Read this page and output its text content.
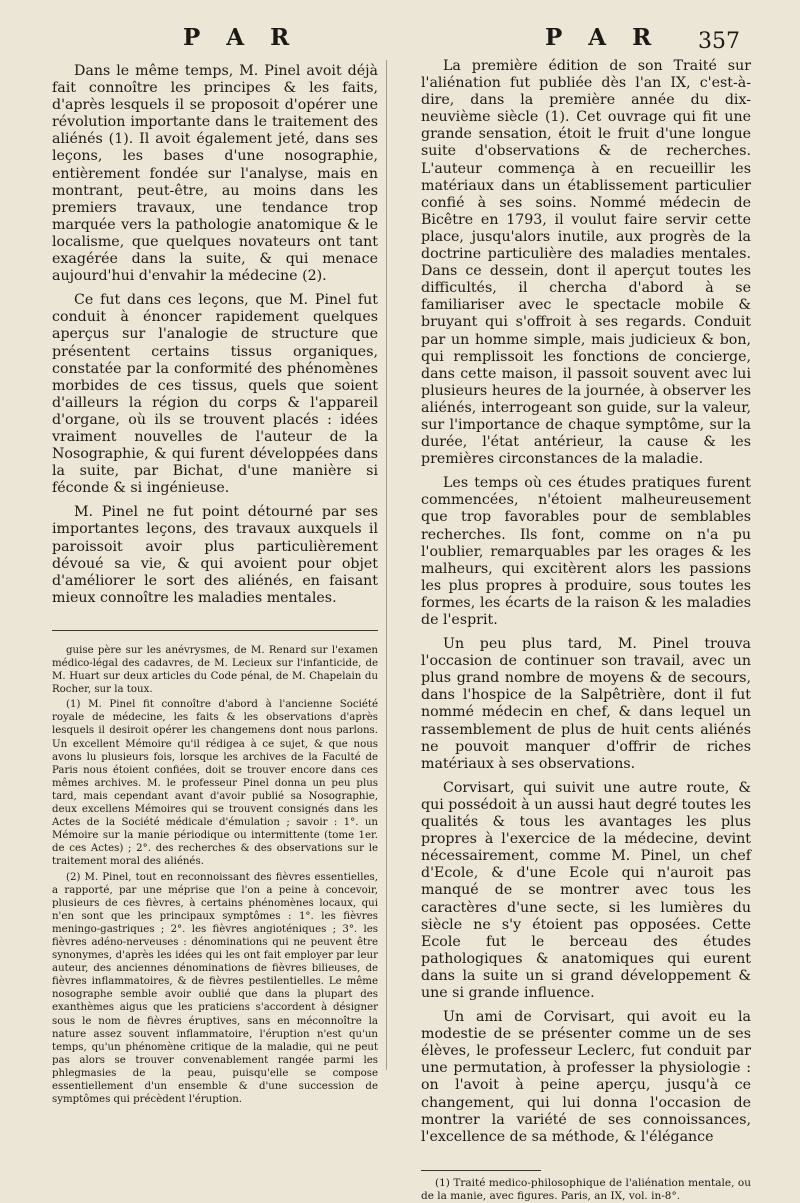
P A R	P A R 357

Dans le même temps, M. Pinel avoit déjà fait connoître les principes & les faits, d'après lesquels il se proposoit d'opérer une révolution importante dans le traitement des aliénés (1). Il avoit également jeté, dans ses leçons, les bases d'une nosographie, entièrement fondée sur l'analyse, mais en montrant, peut-être, au moins dans les premiers travaux, une tendance trop marquée vers la pathologie anatomique & le localisme, que quelques novateurs ont tant exagérée dans la suite, & qui menace aujourd'hui d'envahir la médecine (2).

Ce fut dans ces leçons, que M. Pinel fut conduit à énoncer rapidement quelques aperçus sur l'analogie de structure que présentent certains tissus organiques, constatée par la conformité des phénomènes morbides de ces tissus, quels que soient d'ailleurs la région du corps & l'appareil d'organe, où ils se trouvent placés : idées vraiment nouvelles de l'auteur de la Nosographie, & qui furent développées dans la suite, par Bichat, d'une manière si féconde & si ingénieuse.

M. Pinel ne fut point détourné par ses importantes leçons, des travaux auxquels il paroissoit avoir plus particulièrement dévoué sa vie, & qui avoient pour objet d'améliorer le sort des aliénés, en faisant mieux connoître les maladies mentales.

guise père sur les anévrysmes, de M. Renard sur l'examen médico-légal des cadavres, de M. Lecieux sur l'infanticide, de M. Huart sur deux articles du Code pénal, de M. Chapelain du Rocher, sur la toux.

(1) M. Pinel fit connoître d'abord à l'ancienne Société royale de médecine, les faits & les observations d'après lesquels il desiroit opérer les changemens dont nous parlons. Un excellent Mémoire qu'il rédigea à ce sujet, & que nous avons lu plusieurs fois, lorsque les archives de la Faculté de Paris nous étoient confiées, doit se trouver encore dans ces mêmes archives. M. le professeur Pinel donna un peu plus tard, mais cependant avant d'avoir publié sa Nosographie, deux excellens Mémoires qui se trouvent consignés dans les Actes de la Société médicale d'émulation ; savoir : 1°. un Mémoire sur la manie périodique ou intermittente (tome 1er. de ces Actes) ; 2°. des recherches & des observations sur le traitement moral des aliénés.

(2) M. Pinel, tout en reconnoissant des fièvres essentielles, a rapporté, par une méprise que l'on a peine à concevoir, plusieurs de ces fièvres, à certains phénomènes locaux, qui n'en sont que les principaux symptômes : 1°. les fièvres meningo-gastriques ; 2°. les fièvres angioténiques ; 3°. les fièvres adéno-nerveuses : dénominations qui ne peuvent être synonymes, d'après les idées qui les ont fait employer par leur auteur, des anciennes dénominations de fièvres bilieuses, de fièvres inflammatoires, & de fièvres pestilentielles. Le même nosographe semble avoir oublié que dans la plupart des exanthèmes aigus que les praticiens s'accordent à désigner sous le nom de fièvres éruptives, sans en méconnoître la nature assez souvent inflammatoire, l'éruption n'est qu'un temps, qu'un phénomène critique de la maladie, qui ne peut pas alors se trouver convenablement rangée parmi les phlegmasies de la peau, puisqu'elle se compose essentiellement d'un ensemble & d'une succession de symptômes qui précèdent l'éruption.

La première édition de son Traité sur l'aliénation fut publiée dès l'an IX, c'est-à-dire, dans la première année du dix-neuvième siècle (1). Cet ouvrage qui fit une grande sensation, étoit le fruit d'une longue suite d'observations & de recherches. L'auteur commença à en recueillir les matériaux dans un établissement particulier confié à ses soins. Nommé médecin de Bicêtre en 1793, il voulut faire servir cette place, jusqu'alors inutile, aux progrès de la doctrine particulière des maladies mentales. Dans ce dessein, dont il aperçut toutes les difficultés, il chercha d'abord à se familiariser avec le spectacle mobile & bruyant qui s'offroit à ses regards. Conduit par un homme simple, mais judicieux & bon, qui remplissoit les fonctions de concierge, dans cette maison, il passoit souvent avec lui plusieurs heures de la journée, à observer les aliénés, interrogeant son guide, sur la valeur, sur l'importance de chaque symptôme, sur la durée, l'état antérieur, la cause & les premières circonstances de la maladie.

Les temps où ces études pratiques furent commencées, n'étoient malheureusement que trop favorables pour de semblables recherches. Ils font, comme on n'a pu l'oublier, remarquables par les orages & les malheurs, qui excitèrent alors les passions les plus propres à produire, sous toutes les formes, les écarts de la raison & les maladies de l'esprit.

Un peu plus tard, M. Pinel trouva l'occasion de continuer son travail, avec un plus grand nombre de moyens & de secours, dans l'hospice de la Salpêtrière, dont il fut nommé médecin en chef, & dans lequel un rassemblement de plus de huit cents aliénés ne pouvoit manquer d'offrir de riches matériaux à ses observations.

Corvisart, qui suivit une autre route, & qui possédoit à un aussi haut degré toutes les qualités & tous les avantages les plus propres à l'exercice de la médecine, devint nécessairement, comme M. Pinel, un chef d'Ecole, & d'une Ecole qui n'auroit pas manqué de se montrer avec tous les caractères d'une secte, si les lumières du siècle ne s'y étoient pas opposées. Cette Ecole fut le berceau des études pathologiques & anatomiques qui eurent dans la suite un si grand développement & une si grande influence.

Un ami de Corvisart, qui avoit eu la modestie de se présenter comme un de ses élèves, le professeur Leclerc, fut conduit par une permutation, à professer la physiologie : on l'avoit à peine aperçu, jusqu'à ce changement, qui lui donna l'occasion de montrer la variété de ses connoissances, l'excellence de sa méthode, & l'élégance

(1) Traité medico-philosophique de l'aliénation mentale, ou de la manie, avec figures. Paris, an IX, vol. in-8°.
